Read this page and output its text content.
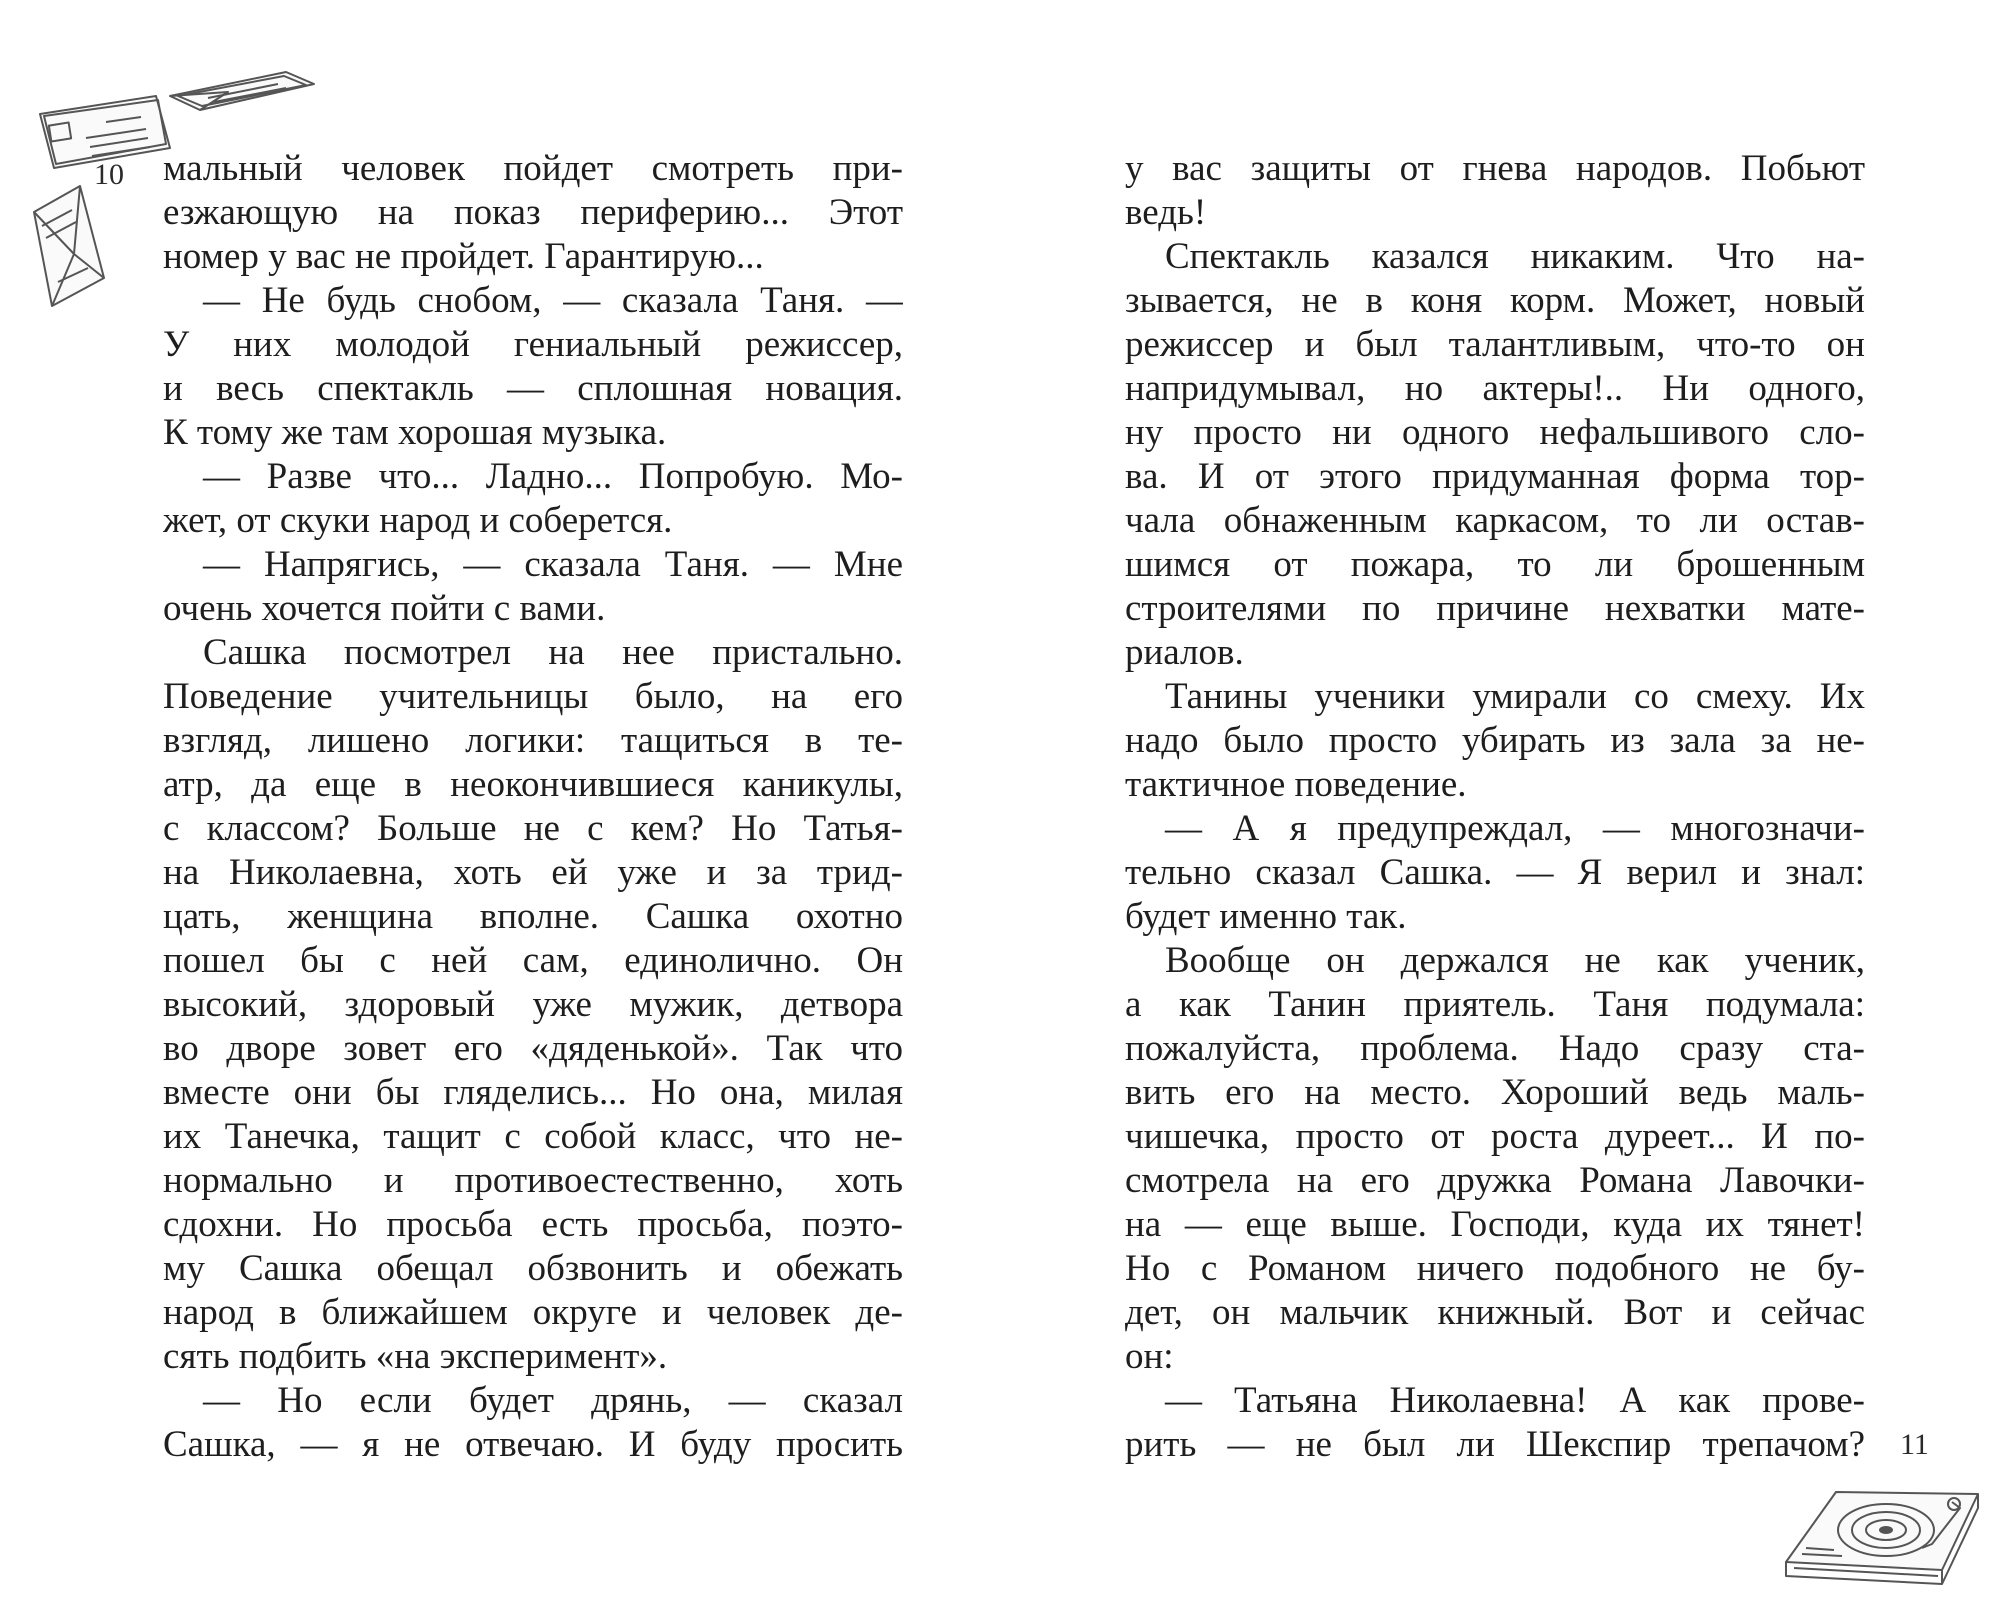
10
11
мальный человек пойдет смотреть при-
езжающую на показ периферию... Этот
номер у вас не пройдет. Гарантирую...
— Не будь снобом, — сказала Таня. —
У них молодой гениальный режиссер,
и весь спектакль — сплошная новация.
К тому же там хорошая музыка.
— Разве что... Ладно... Попробую. Мо-
жет, от скуки народ и соберется.
— Напрягись, — сказала Таня. — Мне
очень хочется пойти с вами.
Сашка посмотрел на нее пристально.
Поведение учительницы было, на его
взгляд, лишено логики: тащиться в те-
атр, да еще в неокончившиеся каникулы,
с классом? Больше не с кем? Но Татья-
на Николаевна, хоть ей уже и за трид-
цать, женщина вполне. Сашка охотно
пошел бы с ней сам, единолично. Он
высокий, здоровый уже мужик, детвора
во дворе зовет его «дяденькой». Так что
вместе они бы гляделись... Но она, милая
их Танечка, тащит с собой класс, что не-
нормально и противоестественно, хоть
сдохни. Но просьба есть просьба, поэто-
му Сашка обещал обзвонить и обежать
народ в ближайшем округе и человек де-
сять подбить «на эксперимент».
— Но если будет дрянь, — сказал
Сашка, — я не отвечаю. И буду просить
у вас защиты от гнева народов. Побьют
ведь!
Спектакль казался никаким. Что на-
зывается, не в коня корм. Может, новый
режиссер и был талантливым, что-то он
напридумывал, но актеры!.. Ни одного,
ну просто ни одного нефальшивого сло-
ва. И от этого придуманная форма тор-
чала обнаженным каркасом, то ли остав-
шимся от пожара, то ли брошенным
строителями по причине нехватки мате-
риалов.
Танины ученики умирали со смеху. Их
надо было просто убирать из зала за не-
тактичное поведение.
— А я предупреждал, — многозначи-
тельно сказал Сашка. — Я верил и знал:
будет именно так.
Вообще он держался не как ученик,
а как Танин приятель. Таня подумала:
пожалуйста, проблема. Надо сразу ста-
вить его на место. Хороший ведь маль-
чишечка, просто от роста дуреет... И по-
смотрела на его дружка Романа Лавочки-
на — еще выше. Господи, куда их тянет!
Но с Романом ничего подобного не бу-
дет, он мальчик книжный. Вот и сейчас
он:
— Татьяна Николаевна! А как прове-
рить — не был ли Шекспир трепачом?
